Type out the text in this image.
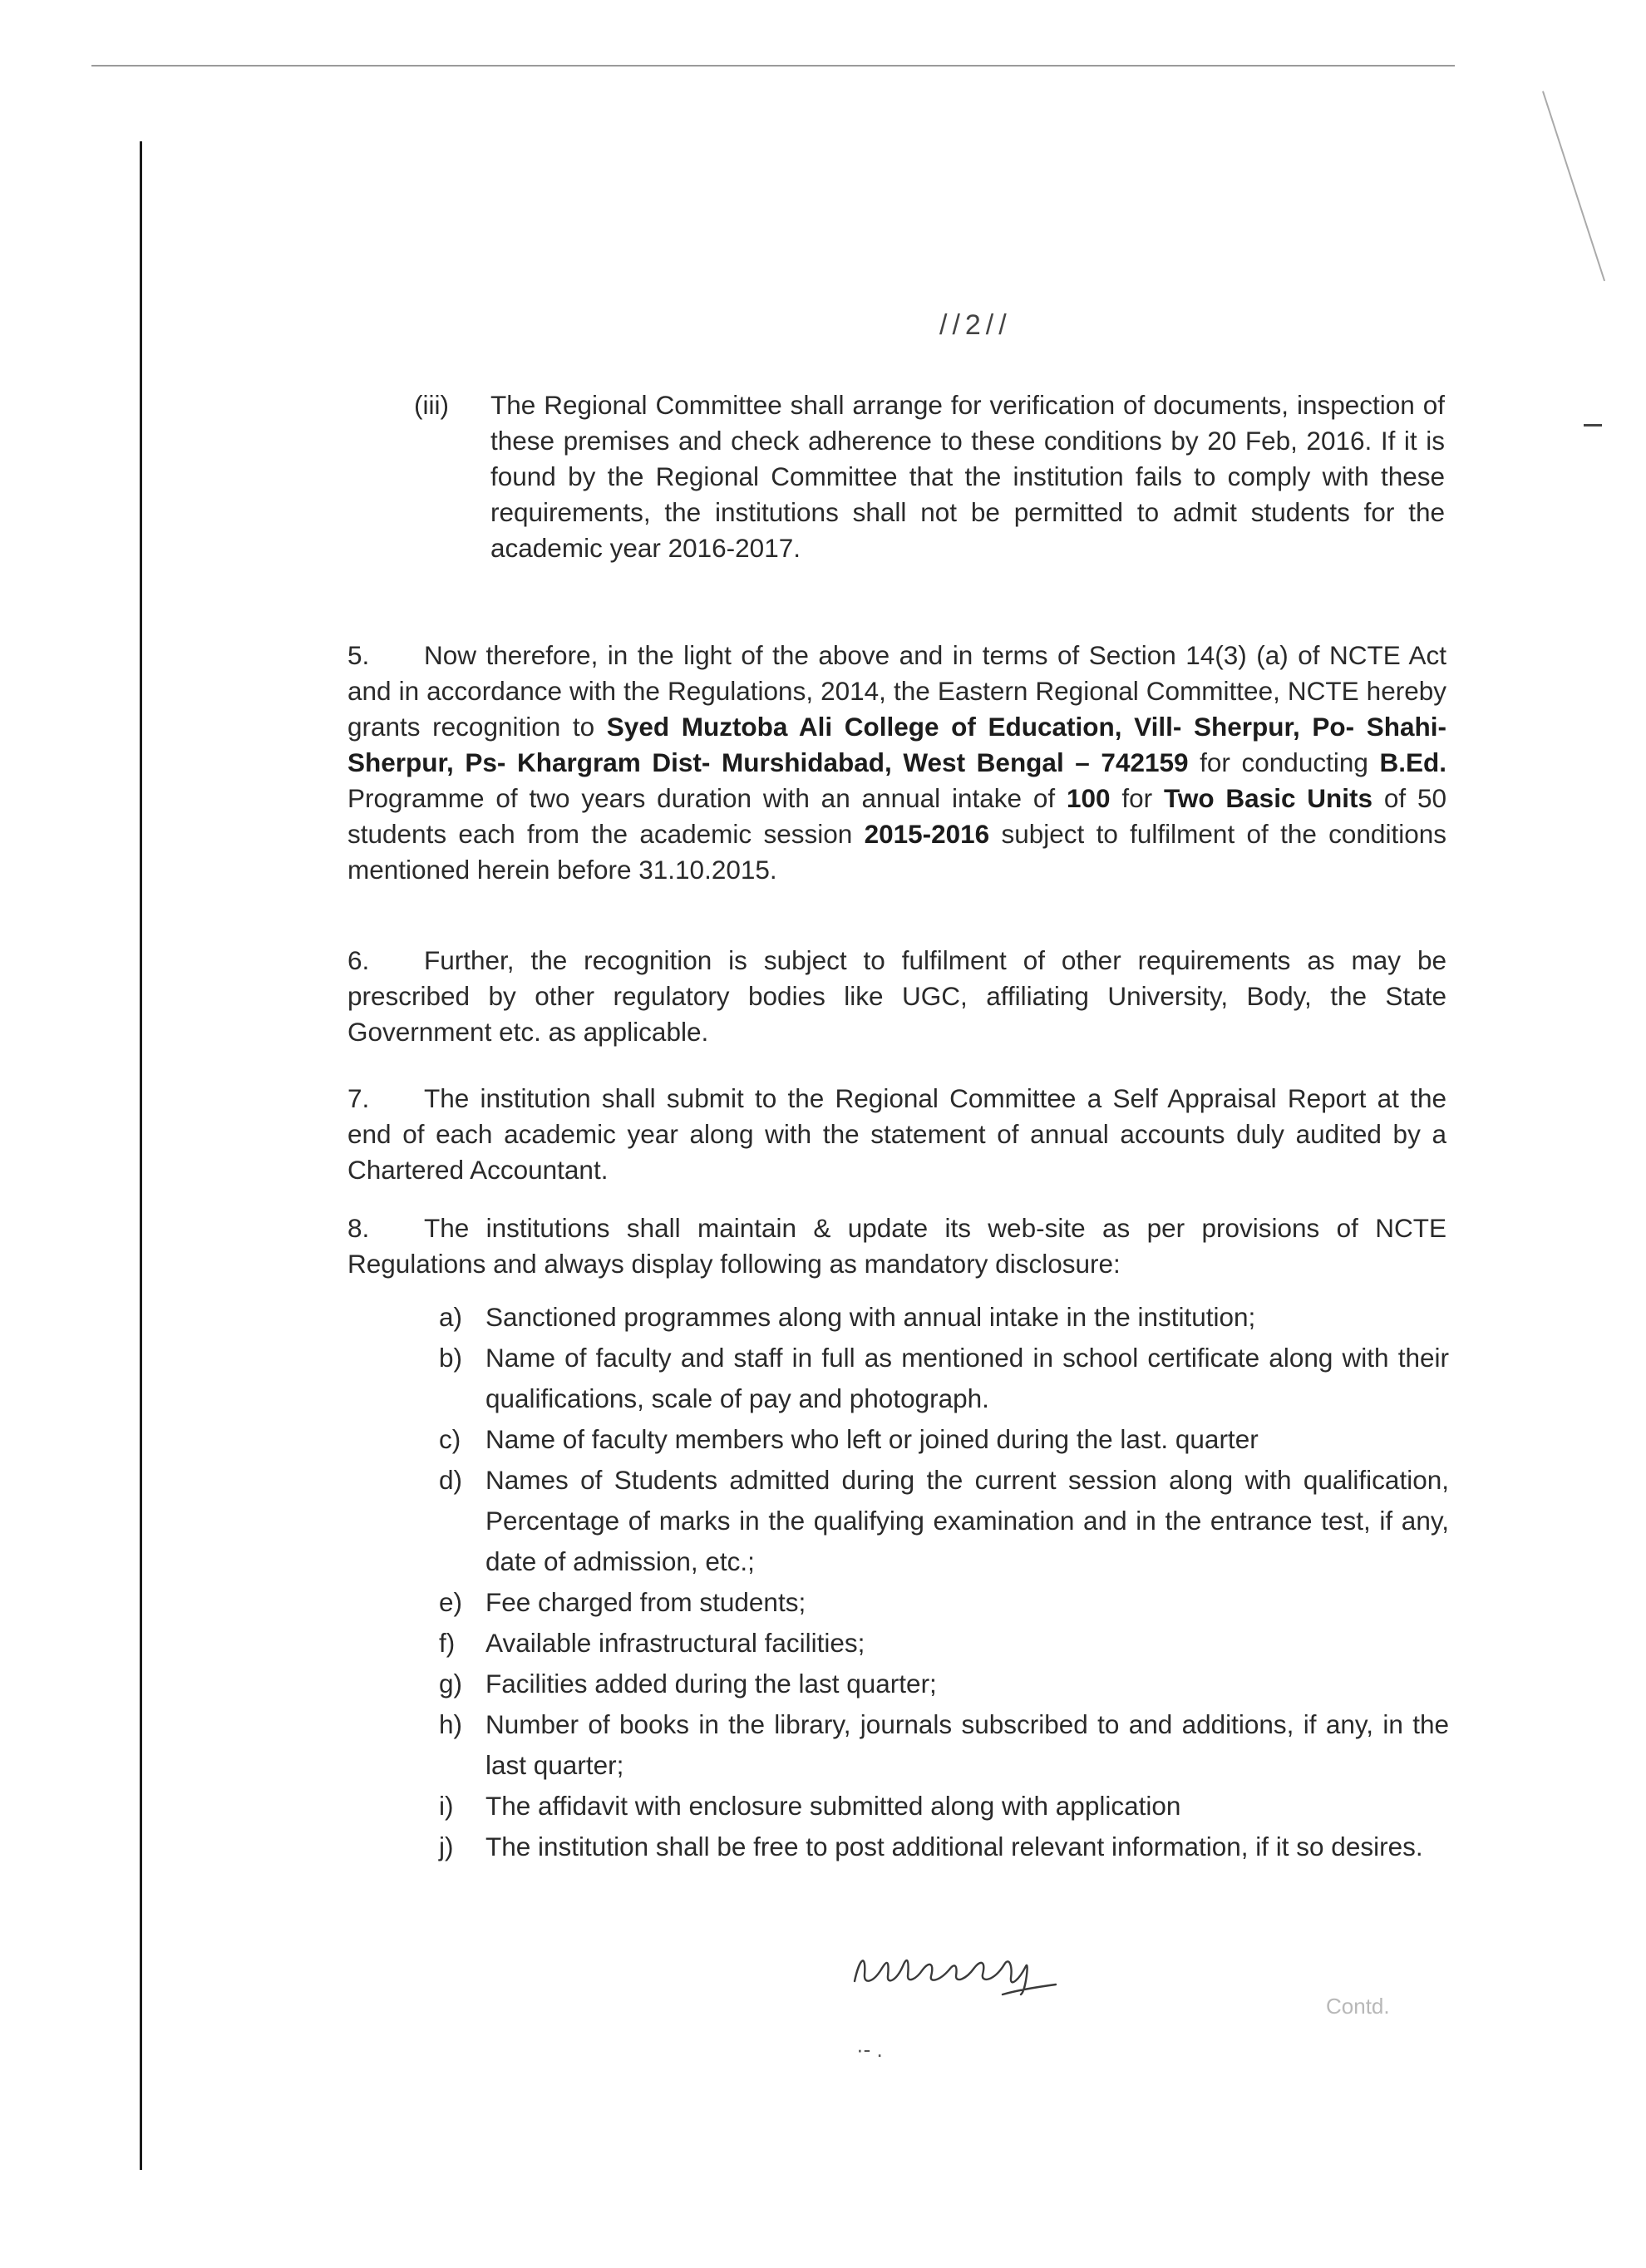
//2//
(iii) The Regional Committee shall arrange for verification of documents, inspection of these premises and check adherence to these conditions by 20 Feb, 2016. If it is found by the Regional Committee that the institution fails to comply with these requirements, the institutions shall not be permitted to admit students for the academic year 2016-2017.

5. Now therefore, in the light of the above and in terms of Section 14(3) (a) of NCTE Act and in accordance with the Regulations, 2014, the Eastern Regional Committee, NCTE hereby grants recognition to Syed Muztoba Ali College of Education, Vill- Sherpur, Po- Shahi-Sherpur, Ps- Khargram Dist- Murshidabad, West Bengal – 742159 for conducting B.Ed. Programme of two years duration with an annual intake of 100 for Two Basic Units of 50 students each from the academic session 2015-2016 subject to fulfilment of the conditions mentioned herein before 31.10.2015.

6. Further, the recognition is subject to fulfilment of other requirements as may be prescribed by other regulatory bodies like UGC, affiliating University, Body, the State Government etc. as applicable.

7. The institution shall submit to the Regional Committee a Self Appraisal Report at the end of each academic year along with the statement of annual accounts duly audited by a Chartered Accountant.

8. The institutions shall maintain & update its web-site as per provisions of NCTE Regulations and always display following as mandatory disclosure:

a) Sanctioned programmes along with annual intake in the institution;
b) Name of faculty and staff in full as mentioned in school certificate along with their qualifications, scale of pay and photograph.
c) Name of faculty members who left or joined during the last. quarter
d) Names of Students admitted during the current session along with qualification, Percentage of marks in the qualifying examination and in the entrance test, if any, date of admission, etc.;
e) Fee charged from students;
f) Available infrastructural facilities;
g) Facilities added during the last quarter;
h) Number of books in the library, journals subscribed to and additions, if any, in the last quarter;
i) The affidavit with enclosure submitted along with application
j) The institution shall be free to post additional relevant information, if it so desires.
Contd.
·- .
